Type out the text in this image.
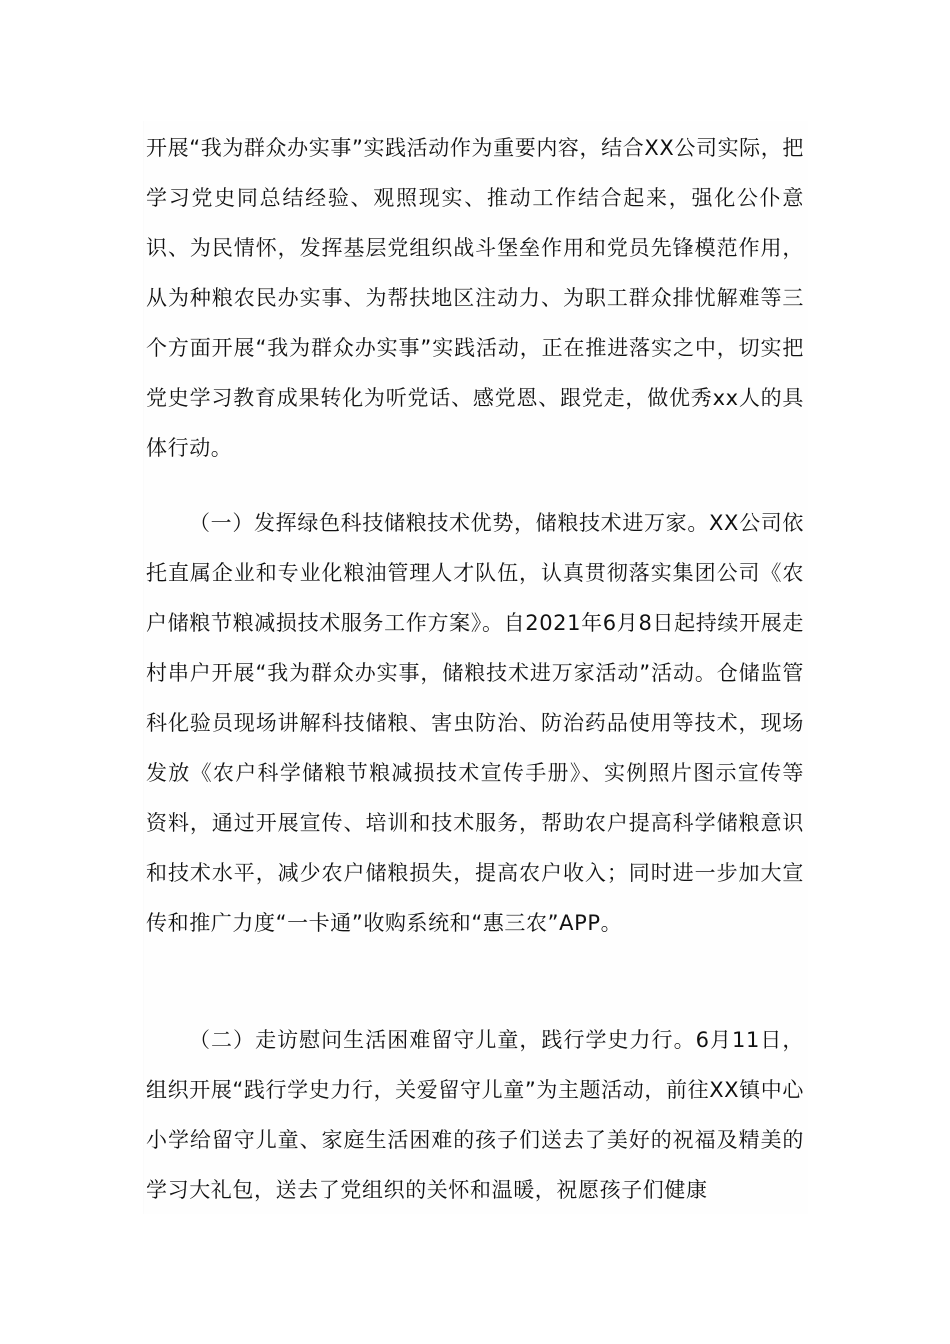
开展“我为群众办实事”实践活动作为重要内容，结合XX公司实际，把学习党史同总结经验、观照现实、推动工作结合起来，强化公仆意识、为民情怀，发挥基层党组织战斗堡垒作用和党员先锋模范作用，从为种粮农民办实事、为帮扶地区注动力、为职工群众排忧解难等三个方面开展“我为群众办实事”实践活动，正在推进落实之中，切实把党史学习教育成果转化为听党话、感党恩、跟党走，做优秀xx人的具体行动。

（一）发挥绿色科技储粮技术优势，储粮技术进万家。XX公司依托直属企业和专业化粮油管理人才队伍，认真贯彻落实集团公司《农户储粮节粮减损技术服务工作方案》。自2021年6月8日起持续开展走村串户开展“我为群众办实事，储粮技术进万家活动”活动。仓储监管科化验员现场讲解科技储粮、害虫防治、防治药品使用等技术，现场发放《农户科学储粮节粮减损技术宣传手册》、实例照片图示宣传等资料，通过开展宣传、培训和技术服务，帮助农户提高科学储粮意识和技术水平，减少农户储粮损失，提高农户收入；同时进一步加大宣传和推广力度“一卡通”收购系统和“惠三农”APP。

（二）走访慰问生活困难留守儿童，践行学史力行。6月11日，组织开展“践行学史力行，关爱留守儿童”为主题活动，前往XX镇中心小学给留守儿童、家庭生活困难的孩子们送去了美好的祝福及精美的学习大礼包，送去了党组织的关怀和温暖，祝愿孩子们健康
